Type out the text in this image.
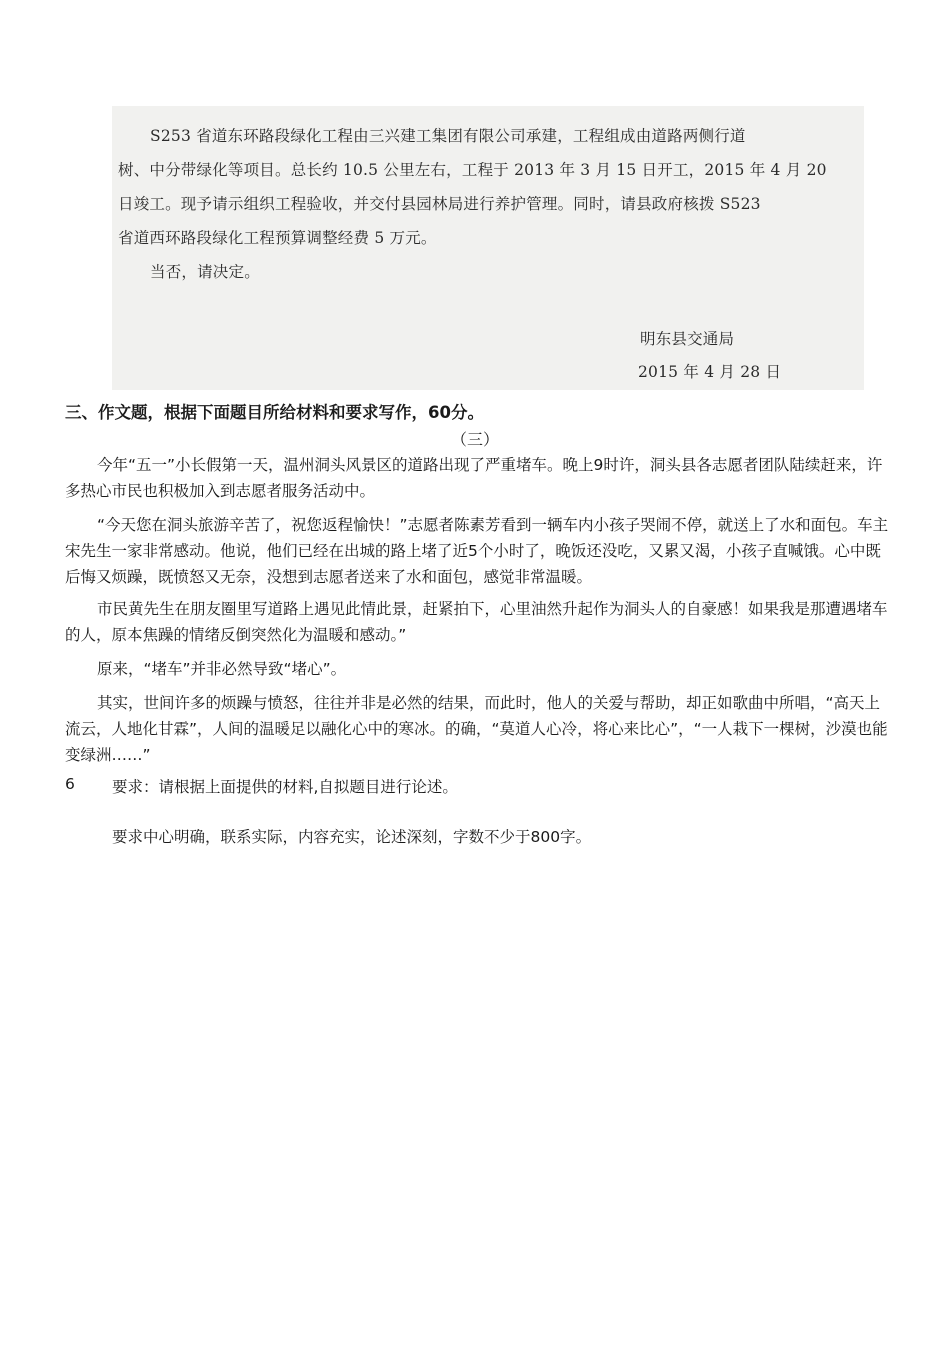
S253 省道东环路段绿化工程由三兴建工集团有限公司承建，工程组成由道路两侧行道
树、中分带绿化等项目。总长约 10.5 公里左右，工程于 2013 年 3 月 15 日开工，2015 年 4 月 20
日竣工。现予请示组织工程验收，并交付县园林局进行养护管理。同时，请县政府核拨 S523
省道西环路段绿化工程预算调整经费 5 万元。
当否，请决定。
明东县交通局
2015 年 4 月 28 日
三、作文题，根据下面题目所给材料和要求写作，60分。
（三）

今年“五一”小长假第一天，温州洞头风景区的道路出现了严重堵车。晚上9时许，洞头县各志愿者团队陆续赶来，许多热心市民也积极加入到志愿者服务活动中。

“今天您在洞头旅游辛苦了，祝您返程愉快！”志愿者陈素芳看到一辆车内小孩子哭闹不停，就送上了水和面包。车主宋先生一家非常感动。他说，他们已经在出城的路上堵了近5个小时了，晚饭还没吃，又累又渴，小孩子直喊饿。心中既后悔又烦躁，既愤怒又无奈，没想到志愿者送来了水和面包，感觉非常温暖。

市民黄先生在朋友圈里写道路上遇见此情此景，赶紧拍下，心里油然升起作为洞头人的自豪感！如果我是那遭遇堵车的人，原本焦躁的情绪反倒突然化为温暖和感动。”

原来，“堵车”并非必然导致“堵心”。

其实，世间许多的烦躁与愤怒，往往并非是必然的结果，而此时，他人的关爱与帮助，却正如歌曲中所唱，“高天上流云，人地化甘霖”，人间的温暖足以融化心中的寒冰。的确，“莫道人心冷，将心来比心”，“一人栽下一棵树，沙漠也能变绿洲……”

6 要求：请根据上面提供的材料,自拟题目进行论述。
要求中心明确，联系实际，内容充实，论述深刻，字数不少于800字。
